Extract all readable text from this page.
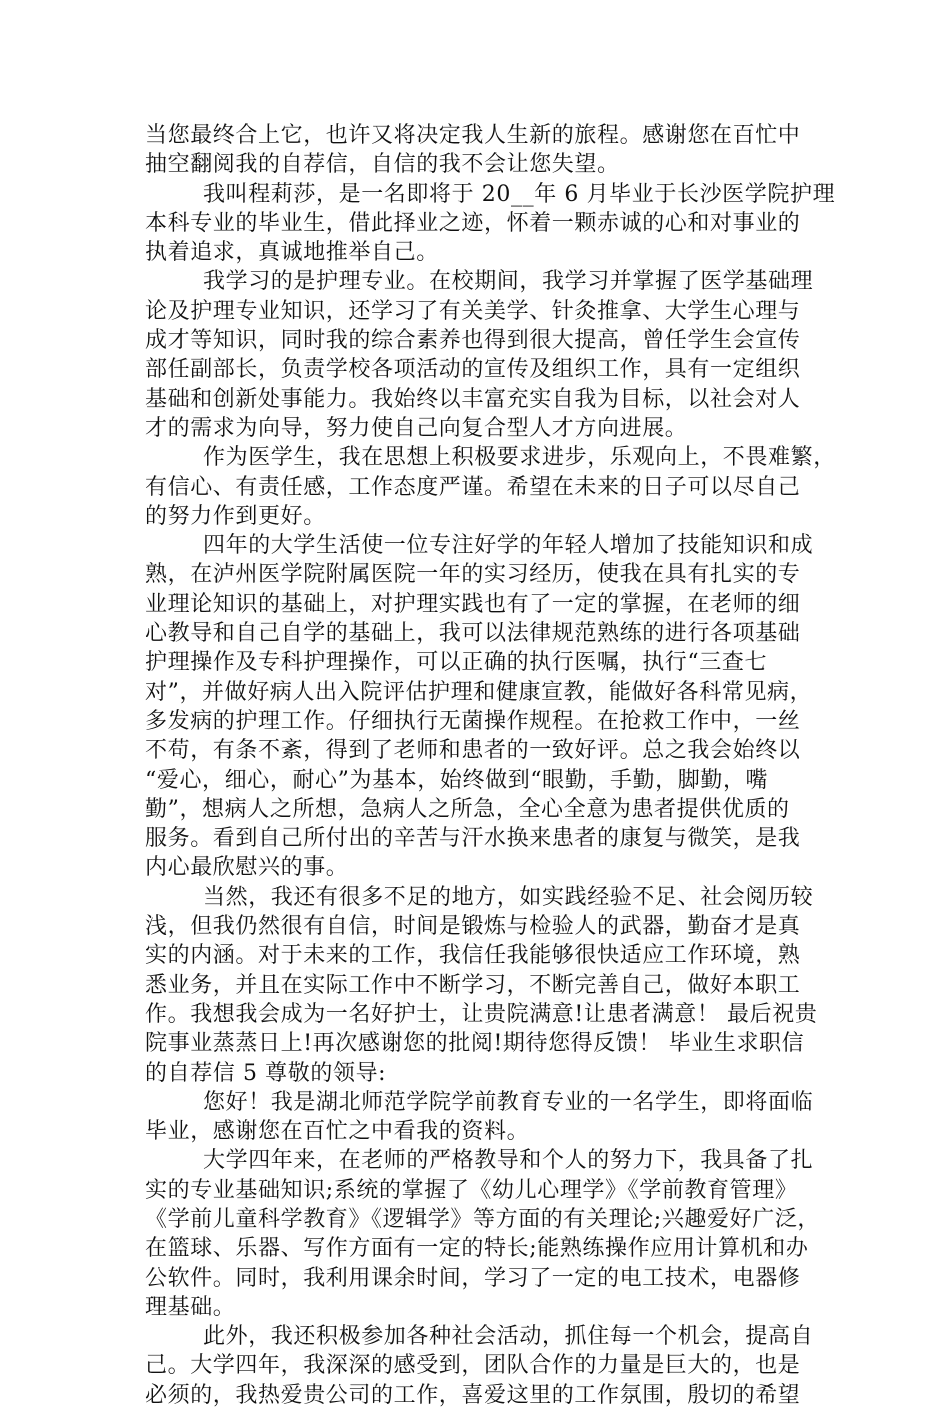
当您最终合上它，也许又将决定我人生新的旅程。感谢您在百忙中
抽空翻阅我的自荐信，自信的我不会让您失望。
我叫程莉莎，是一名即将于 20__年 6 月毕业于长沙医学院护理
本科专业的毕业生，借此择业之迹，怀着一颗赤诚的心和对事业的
执着追求，真诚地推举自己。
我学习的是护理专业。在校期间，我学习并掌握了医学基础理
论及护理专业知识，还学习了有关美学、针灸推拿、大学生心理与
成才等知识，同时我的综合素养也得到很大提高，曾任学生会宣传
部任副部长，负责学校各项活动的宣传及组织工作，具有一定组织
基础和创新处事能力。我始终以丰富充实自我为目标，以社会对人
才的需求为向导，努力使自己向复合型人才方向进展。
作为医学生，我在思想上积极要求进步，乐观向上，不畏难繁，
有信心、有责任感，工作态度严谨。希望在未来的日子可以尽自己
的努力作到更好。
四年的大学生活使一位专注好学的年轻人增加了技能知识和成
熟，在泸州医学院附属医院一年的实习经历，使我在具有扎实的专
业理论知识的基础上，对护理实践也有了一定的掌握，在老师的细
心教导和自己自学的基础上，我可以法律规范熟练的进行各项基础
护理操作及专科护理操作，可以正确的执行医嘱，执行“三查七
对”，并做好病人出入院评估护理和健康宣教，能做好各科常见病，
多发病的护理工作。仔细执行无菌操作规程。在抢救工作中，一丝
不苟，有条不紊，得到了老师和患者的一致好评。总之我会始终以
“爱心，细心，耐心”为基本，始终做到“眼勤，手勤，脚勤，嘴
勤”，想病人之所想，急病人之所急，全心全意为患者提供优质的
服务。看到自己所付出的辛苦与汗水换来患者的康复与微笑，是我
内心最欣慰兴的事。
当然，我还有很多不足的地方，如实践经验不足、社会阅历较
浅，但我仍然很有自信，时间是锻炼与检验人的武器，勤奋才是真
实的内涵。对于未来的工作，我信任我能够很快适应工作环境，熟
悉业务，并且在实际工作中不断学习，不断完善自己，做好本职工
作。我想我会成为一名好护士，让贵院满意!让患者满意！ 最后祝贵
院事业蒸蒸日上!再次感谢您的批阅!期待您得反馈！ 毕业生求职信
的自荐信 5 尊敬的领导:
您好！我是湖北师范学院学前教育专业的一名学生，即将面临
毕业，感谢您在百忙之中看我的资料。
大学四年来，在老师的严格教导和个人的努力下，我具备了扎
实的专业基础知识;系统的掌握了《幼儿心理学》《学前教育管理》
《学前儿童科学教育》《逻辑学》等方面的有关理论;兴趣爱好广泛，
在篮球、乐器、写作方面有一定的特长;能熟练操作应用计算机和办
公软件。同时，我利用课余时间，学习了一定的电工技术，电器修
理基础。
此外，我还积极参加各种社会活动，抓住每一个机会，提高自
己。大学四年，我深深的感受到，团队合作的力量是巨大的，也是
必须的，我热爱贵公司的工作，喜爱这里的工作氛围，殷切的希望
